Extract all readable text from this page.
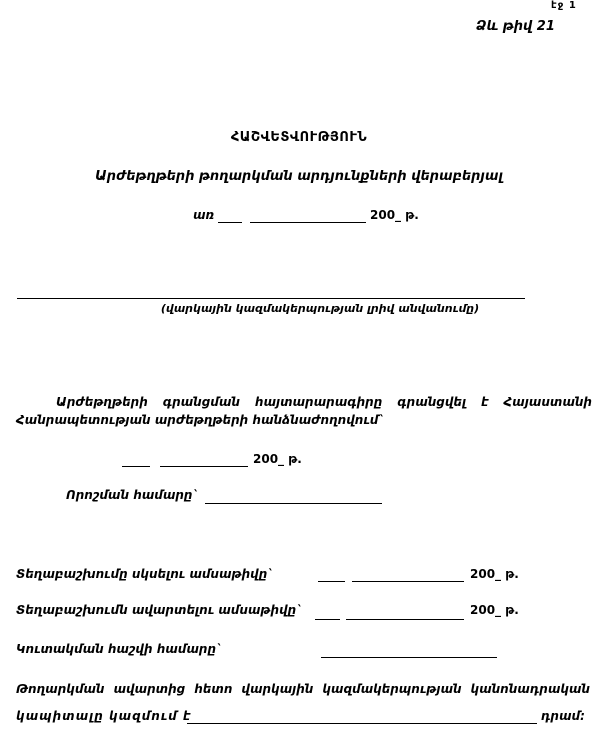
էջ 1
Ձև թիվ 21
ՀԱՇՎԵՏՎՈՒԹՅՈՒՆ
Արժեթղթերի թողարկման արդյունքների վերաբերյալ
առ	200_ թ.
(վարկային կազմակերպության լրիվ անվանումը)
Արժեթղթերի գրանցման հայտարարագիրը գրանցվել է Հայաստանի
Հանրապետության արժեթղթերի հանձնաժողովում`
200_ թ.
Որոշման համարը`
Տեղաբաշխումը սկսելու ամսաթիվը`	200_ թ.
Տեղաբաշխումն ավարտելու ամսաթիվը`	200_ թ.
Կուտակման հաշվի համարը`
Թողարկման ավարտից հետո վարկային կազմակերպության կանոնադրական
կապիտալը կազմում է	դրամ:
